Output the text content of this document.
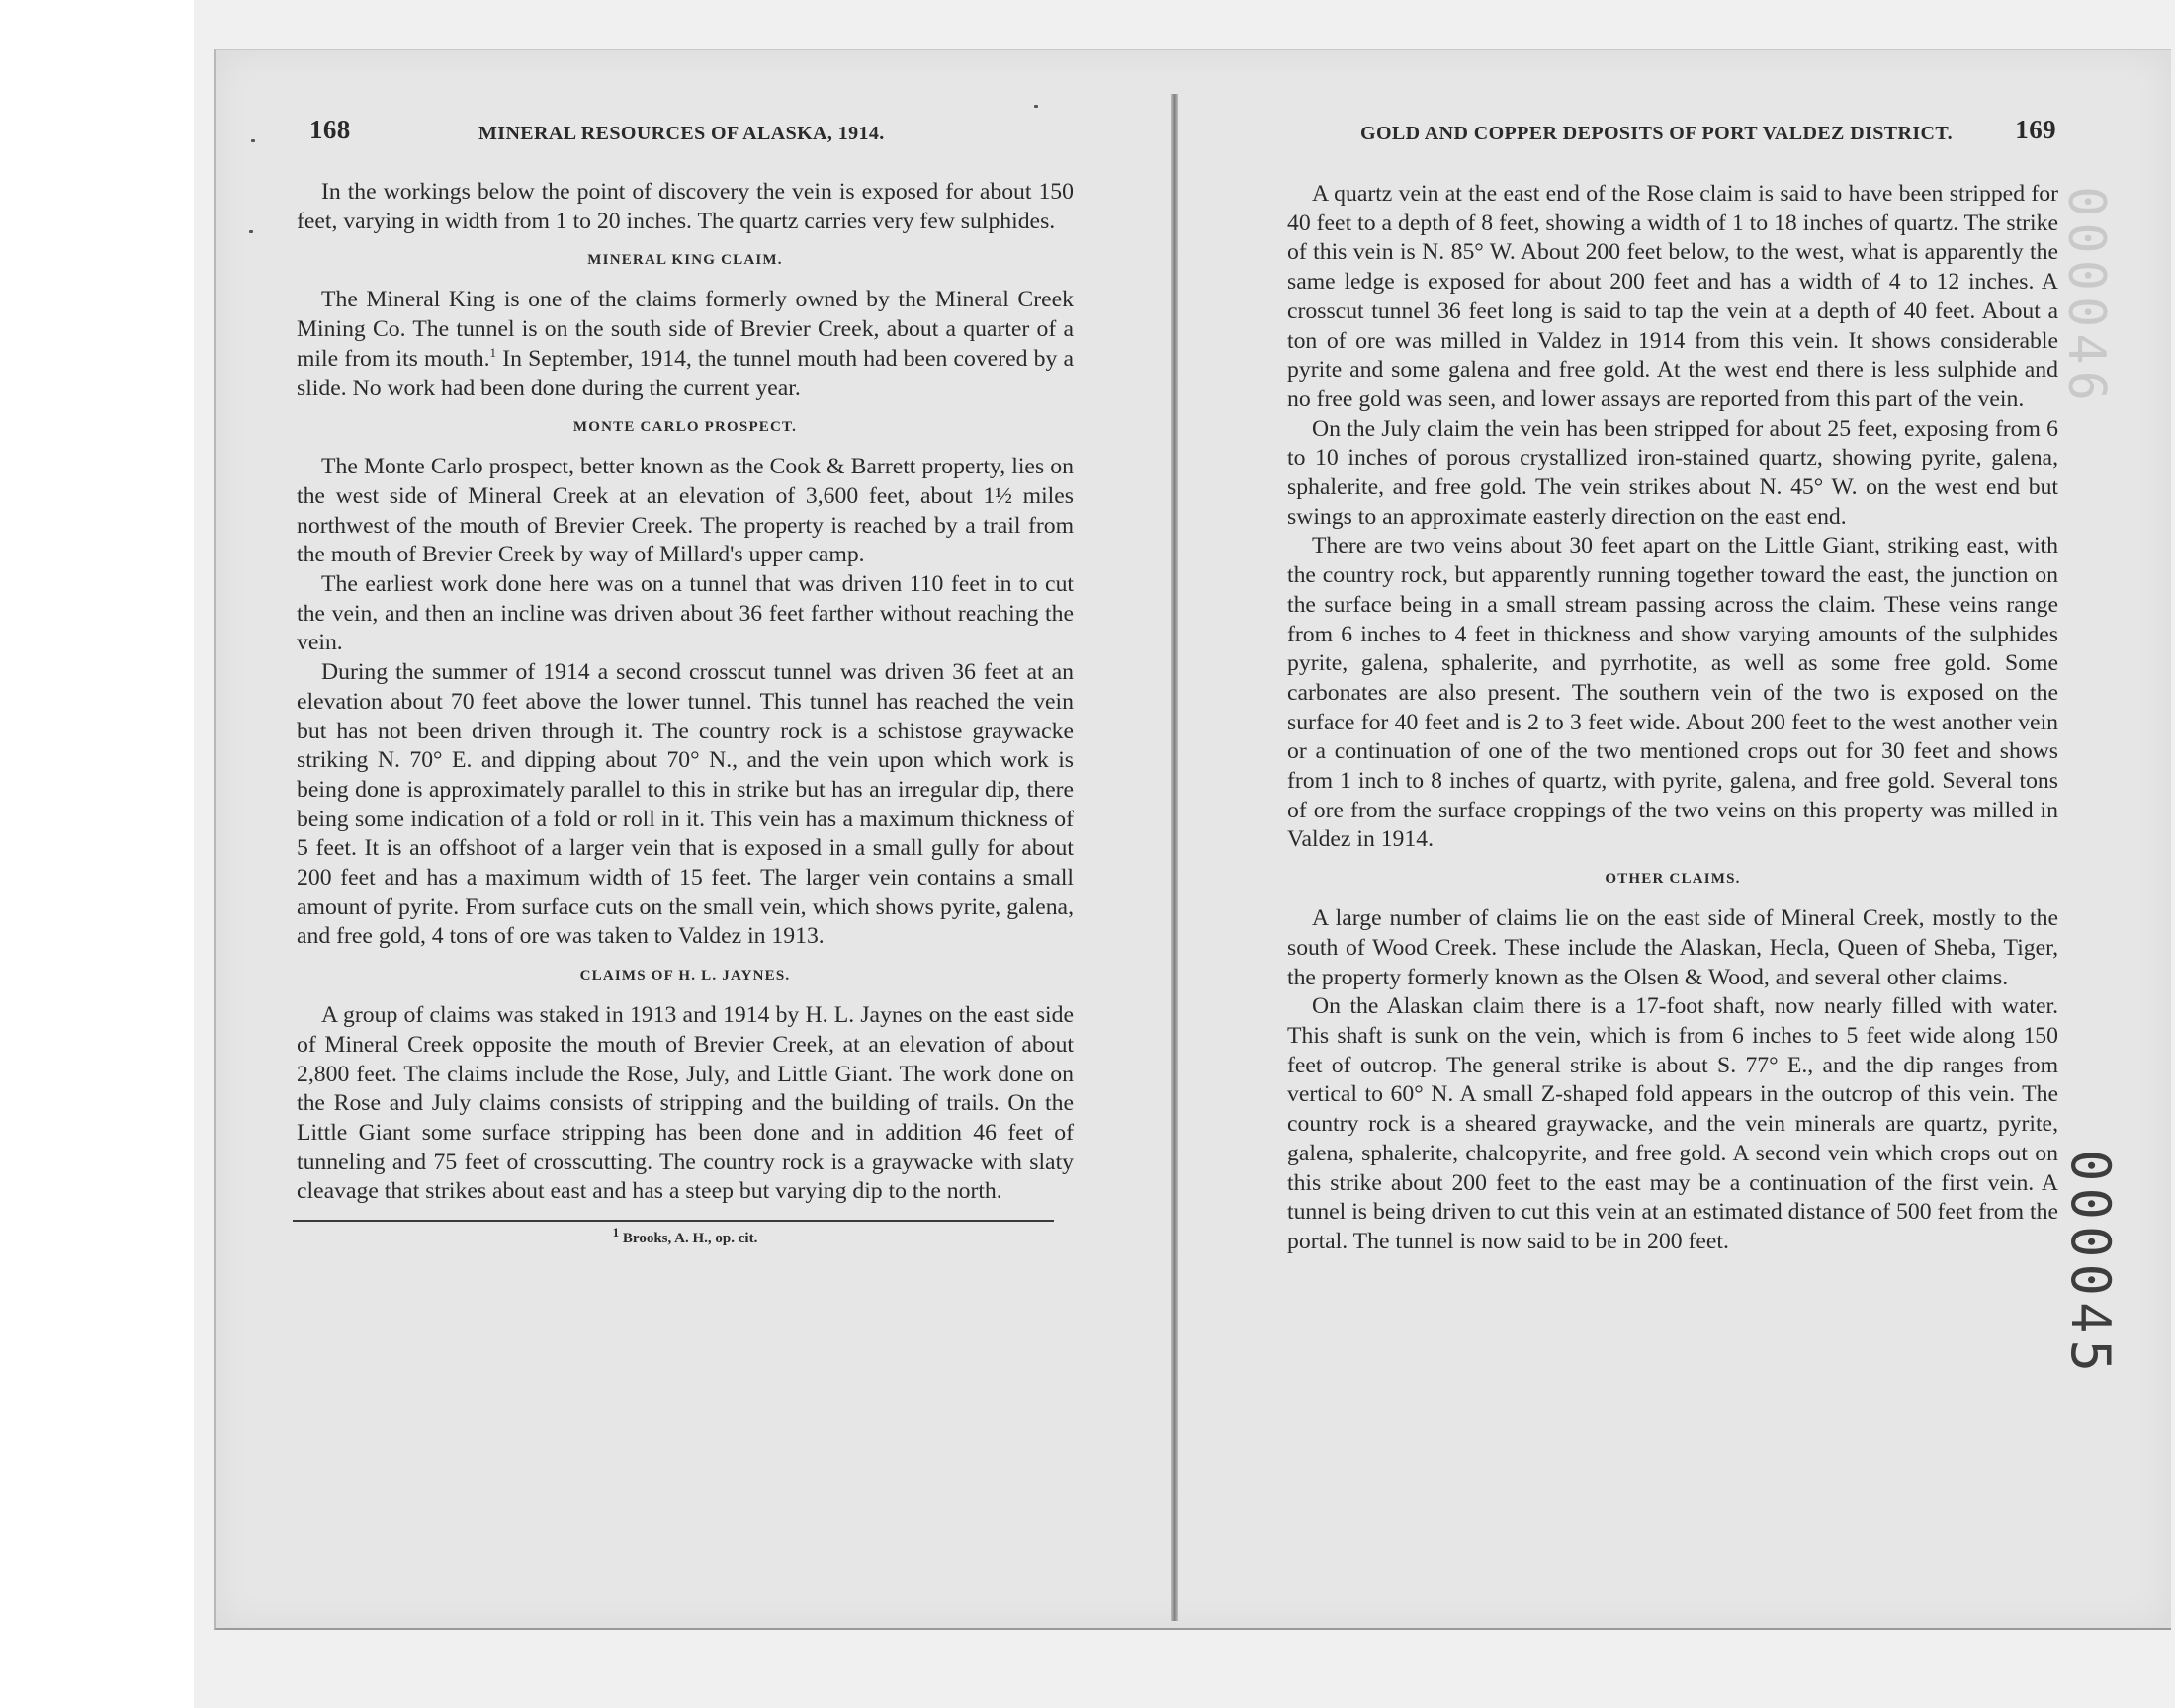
168	MINERAL RESOURCES OF ALASKA, 1914.

In the workings below the point of discovery the vein is exposed for about 150 feet, varying in width from 1 to 20 inches. The quartz carries very few sulphides.

MINERAL KING CLAIM.

The Mineral King is one of the claims formerly owned by the Mineral Creek Mining Co. The tunnel is on the south side of Brevier Creek, about a quarter of a mile from its mouth.$^1$ In September, 1914, the tunnel mouth had been covered by a slide. No work had been done during the current year.

MONTE CARLO PROSPECT.

The Monte Carlo prospect, better known as the Cook & Barrett property, lies on the west side of Mineral Creek at an elevation of 3,600 feet, about 1½ miles northwest of the mouth of Brevier Creek. The property is reached by a trail from the mouth of Brevier Creek by way of Millard's upper camp.

The earliest work done here was on a tunnel that was driven 110 feet in to cut the vein, and then an incline was driven about 36 feet farther without reaching the vein.

During the summer of 1914 a second crosscut tunnel was driven 36 feet at an elevation about 70 feet above the lower tunnel. This tunnel has reached the vein but has not been driven through it. The country rock is a schistose graywacke striking N. 70° E. and dipping about 70° N., and the vein upon which work is being done is approximately parallel to this in strike but has an irregular dip, there being some indication of a fold or roll in it. This vein has a maximum thickness of 5 feet. It is an offshoot of a larger vein that is exposed in a small gully for about 200 feet and has a maximum width of 15 feet. The larger vein contains a small amount of pyrite. From surface cuts on the small vein, which shows pyrite, galena, and free gold, 4 tons of ore was taken to Valdez in 1913.

CLAIMS OF H. L. JAYNES.

A group of claims was staked in 1913 and 1914 by H. L. Jaynes on the east side of Mineral Creek opposite the mouth of Brevier Creek, at an elevation of about 2,800 feet. The claims include the Rose, July, and Little Giant. The work done on the Rose and July claims consists of stripping and the building of trails. On the Little Giant some surface stripping has been done and in addition 46 feet of tunneling and 75 feet of crosscutting. The country rock is a graywacke with slaty cleavage that strikes about east and has a steep but varying dip to the north.

$^1$ Brooks, A. H., op. cit.

GOLD AND COPPER DEPOSITS OF PORT VALDEZ DISTRICT. 169

A quartz vein at the east end of the Rose claim is said to have been stripped for 40 feet to a depth of 8 feet, showing a width of 1 to 18 inches of quartz. The strike of this vein is N. 85° W. About 200 feet below, to the west, what is apparently the same ledge is exposed for about 200 feet and has a width of 4 to 12 inches. A crosscut tunnel 36 feet long is said to tap the vein at a depth of 40 feet. About a ton of ore was milled in Valdez in 1914 from this vein. It shows considerable pyrite and some galena and free gold. At the west end there is less sulphide and no free gold was seen, and lower assays are reported from this part of the vein.

On the July claim the vein has been stripped for about 25 feet, exposing from 6 to 10 inches of porous crystallized iron-stained quartz, showing pyrite, galena, sphalerite, and free gold. The vein strikes about N. 45° W. on the west end but swings to an approximate easterly direction on the east end.

There are two veins about 30 feet apart on the Little Giant, striking east, with the country rock, but apparently running together toward the east, the junction on the surface being in a small stream passing across the claim. These veins range from 6 inches to 4 feet in thickness and show varying amounts of the sulphides pyrite, galena, sphalerite, and pyrrhotite, as well as some free gold. Some carbonates are also present. The southern vein of the two is exposed on the surface for 40 feet and is 2 to 3 feet wide. About 200 feet to the west another vein or a continuation of one of the two mentioned crops out for 30 feet and shows from 1 inch to 8 inches of quartz, with pyrite, galena, and free gold. Several tons of ore from the surface croppings of the two veins on this property was milled in Valdez in 1914.

OTHER CLAIMS.

A large number of claims lie on the east side of Mineral Creek, mostly to the south of Wood Creek. These include the Alaskan, Hecla, Queen of Sheba, Tiger, the property formerly known as the Olsen & Wood, and several other claims.

On the Alaskan claim there is a 17-foot shaft, now nearly filled with water. This shaft is sunk on the vein, which is from 6 inches to 5 feet wide along 150 feet of outcrop. The general strike is about S. 77° E., and the dip ranges from vertical to 60° N. A small Z-shaped fold appears in the outcrop of this vein. The country rock is a sheared graywacke, and the vein minerals are quartz, pyrite, galena, sphalerite, chalcopyrite, and free gold. A second vein which crops out on this strike about 200 feet to the east may be a continuation of the first vein. A tunnel is being driven to cut this vein at an estimated distance of 500 feet from the portal. The tunnel is now said to be in 200 feet.

000046
000045
